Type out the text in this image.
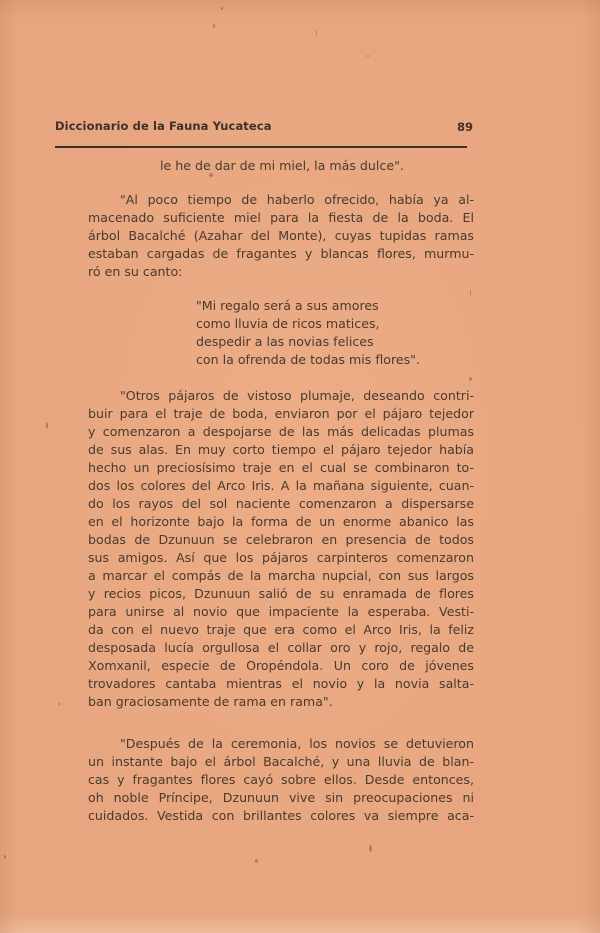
Diccionario de la Fauna Yucateca	89
le he de dar de mi miel, la más dulce".
"Al poco tiempo de haberlo ofrecido, había ya al-
macenado suficiente miel para la fiesta de la boda. El
árbol Bacalché (Azahar del Monte), cuyas tupidas ramas
estaban cargadas de fragantes y blancas flores, murmu-
ró en su canto:
"Mi regalo será a sus amores
como lluvia de ricos matices,
despedir a las novias felices
con la ofrenda de todas mis flores".
"Otros pájaros de vistoso plumaje, deseando contri-
buir para el traje de boda, enviaron por el pájaro tejedor
y comenzaron a despojarse de las más delicadas plumas
de sus alas. En muy corto tiempo el pájaro tejedor había
hecho un preciosísimo traje en el cual se combinaron to-
dos los colores del Arco Iris. A la mañana siguiente, cuan-
do los rayos del sol naciente comenzaron a dispersarse
en el horizonte bajo la forma de un enorme abanico las
bodas de Dzunuun se celebraron en presencia de todos
sus amigos. Así que los pájaros carpinteros comenzaron
a marcar el compás de la marcha nupcial, con sus largos
y recios picos, Dzunuun salió de su enramada de flores
para unirse al novio que impaciente la esperaba. Vesti-
da con el nuevo traje que era como el Arco Iris, la feliz
desposada lucía orgullosa el collar oro y rojo, regalo de
Xomxanil, especie de Oropéndola. Un coro de jóvenes
trovadores cantaba mientras el novio y la novia salta-
ban graciosamente de rama en rama".
"Después de la ceremonia, los novios se detuvieron
un instante bajo el árbol Bacalché, y una lluvia de blan-
cas y fragantes flores cayó sobre ellos. Desde entonces,
oh noble Príncipe, Dzunuun vive sin preocupaciones ni
cuidados. Vestida con brillantes colores va siempre aca-
